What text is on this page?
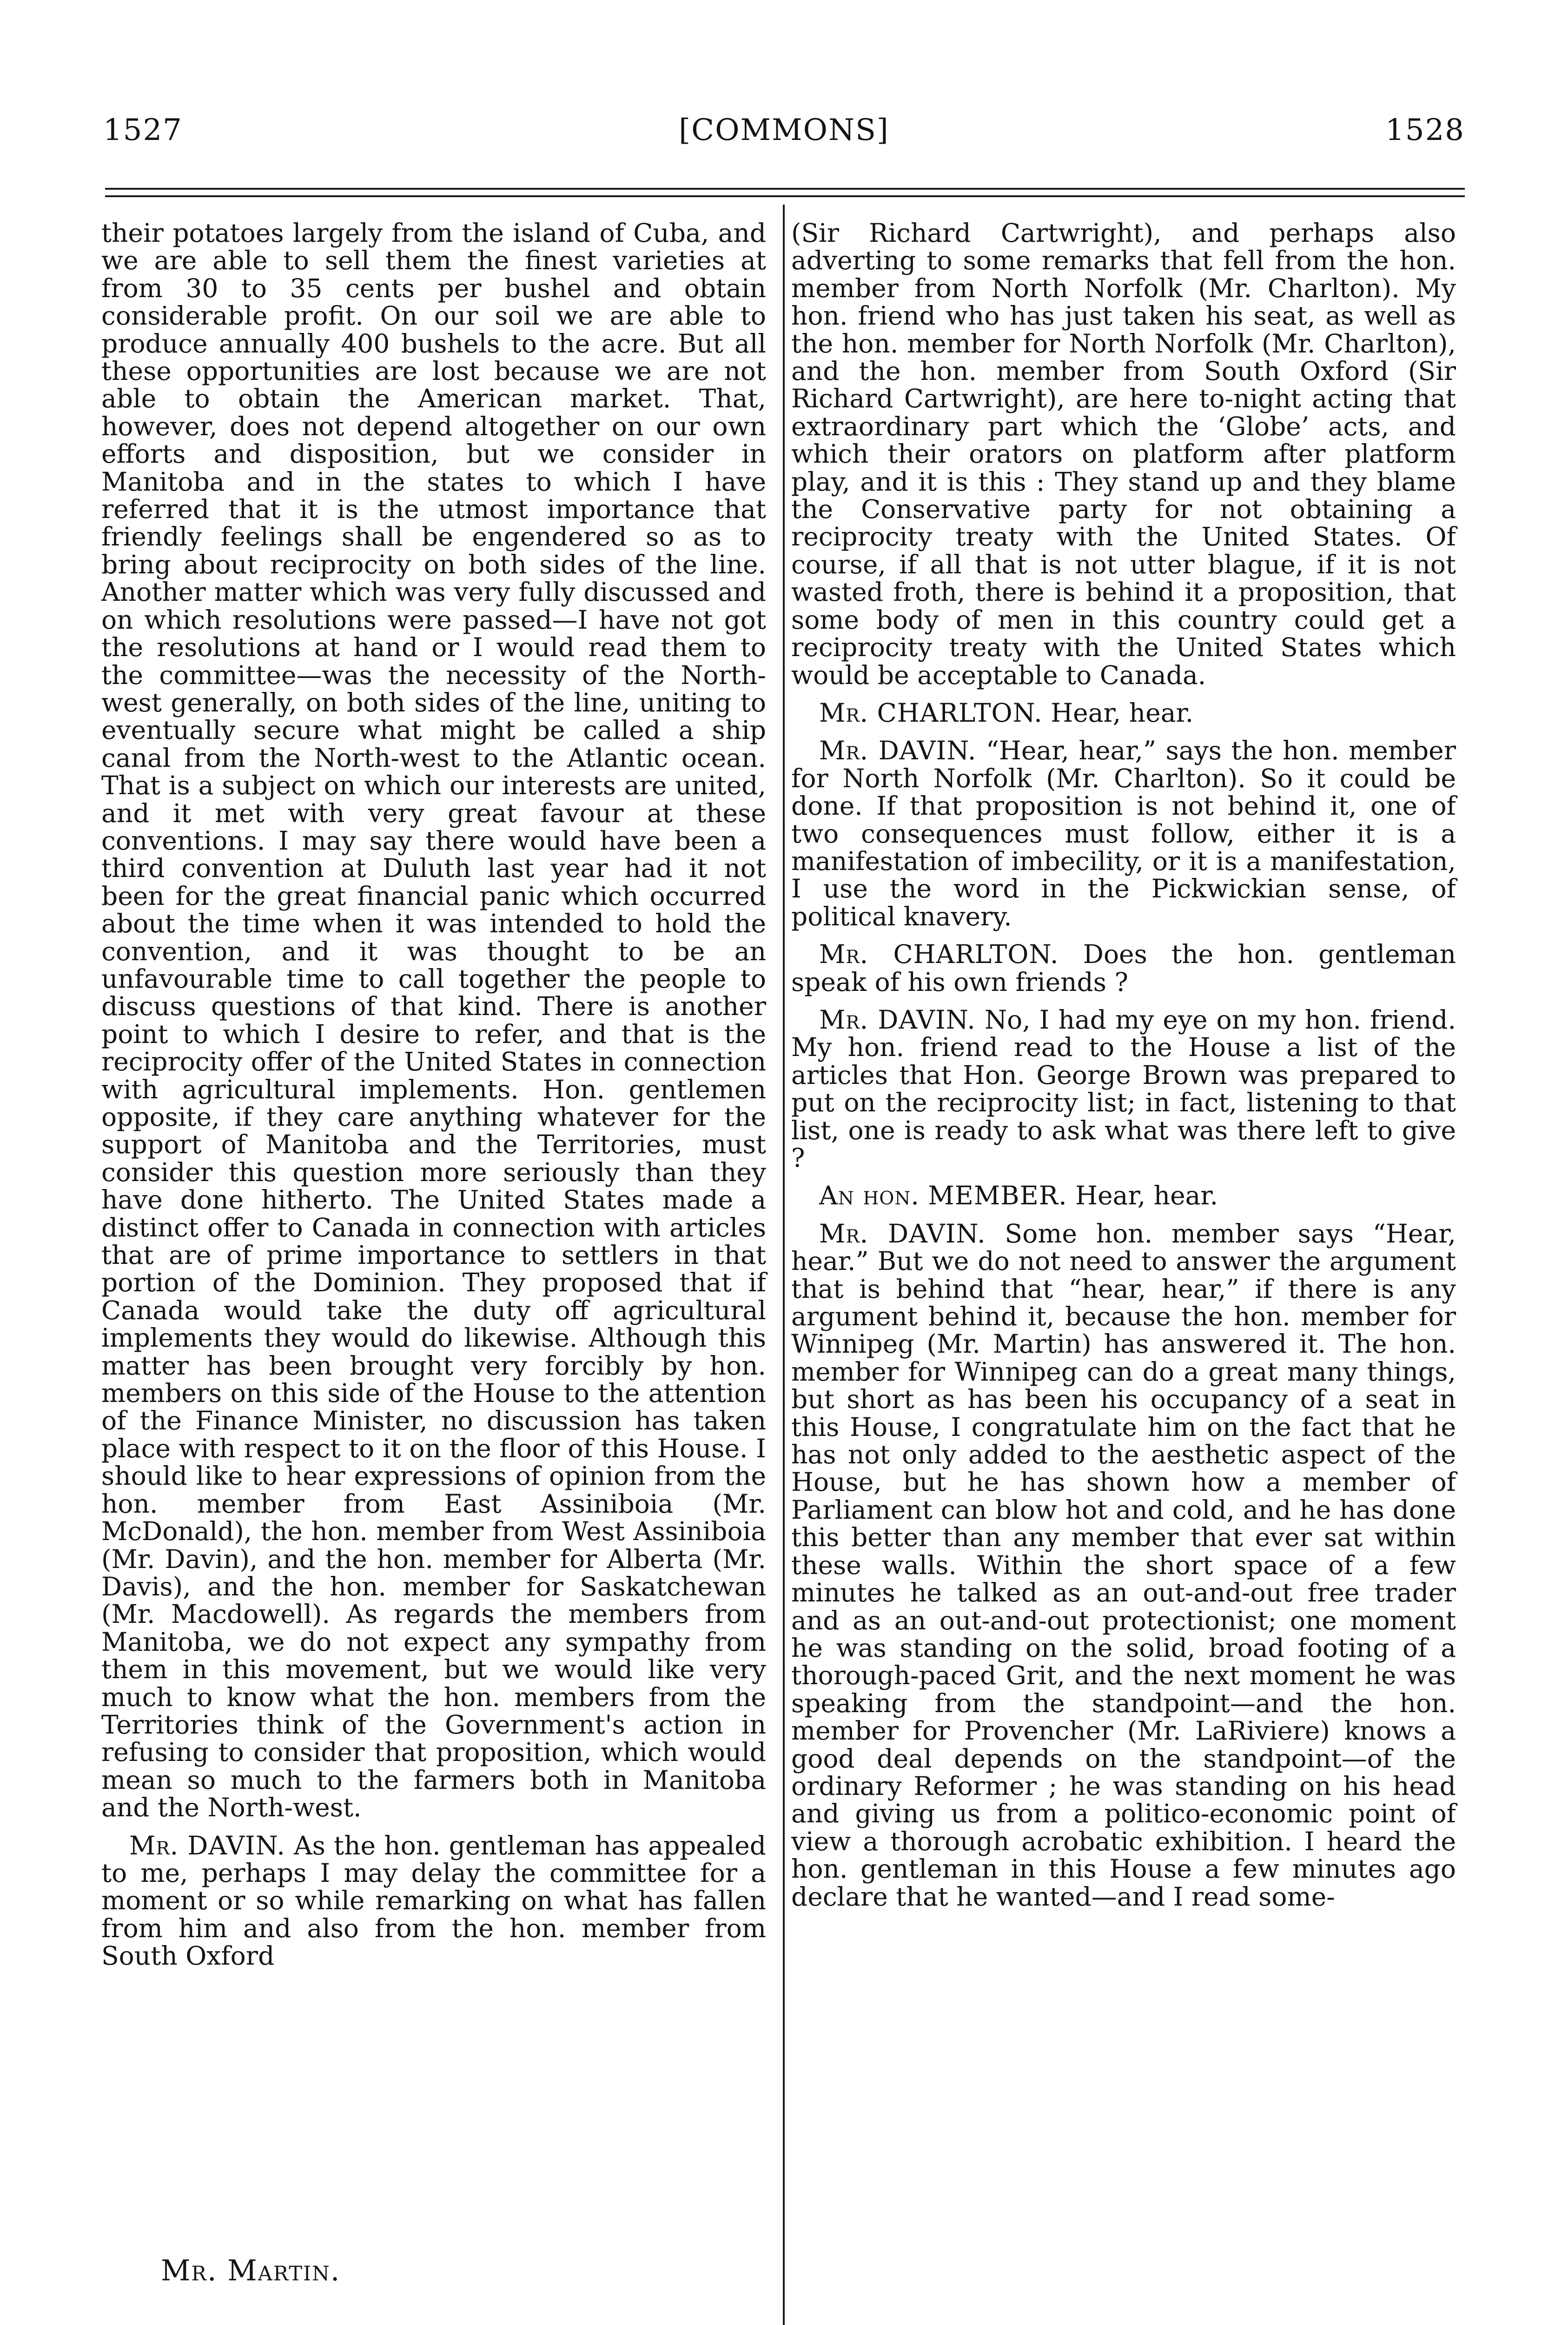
1527	[COMMONS]	1528

their potatoes largely from the island of Cuba, and we are able to sell them the finest varieties at from 30 to 35 cents per bushel and obtain considerable profit. On our soil we are able to produce annually 400 bushels to the acre. But all these opportunities are lost because we are not able to obtain the American market. That, however, does not depend altogether on our own efforts and disposition, but we consider in Manitoba and in the states to which I have referred that it is the utmost importance that friendly feelings shall be engendered so as to bring about reciprocity on both sides of the line. Another matter which was very fully discussed and on which resolutions were passed—I have not got the resolutions at hand or I would read them to the committee—was the necessity of the North-west generally, on both sides of the line, uniting to eventually secure what might be called a ship canal from the North-west to the Atlantic ocean. That is a subject on which our interests are united, and it met with very great favour at these conventions. I may say there would have been a third convention at Duluth last year had it not been for the great financial panic which occurred about the time when it was intended to hold the convention, and it was thought to be an unfavourable time to call together the people to discuss questions of that kind. There is another point to which I desire to refer, and that is the reciprocity offer of the United States in connection with agricultural implements. Hon. gentlemen opposite, if they care anything whatever for the support of Manitoba and the Territories, must consider this question more seriously than they have done hitherto. The United States made a distinct offer to Canada in connection with articles that are of prime importance to settlers in that portion of the Dominion. They proposed that if Canada would take the duty off agricultural implements they would do likewise. Although this matter has been brought very forcibly by hon. members on this side of the House to the attention of the Finance Minister, no discussion has taken place with respect to it on the floor of this House. I should like to hear expressions of opinion from the hon. member from East Assiniboia (Mr. McDonald), the hon. member from West Assiniboia (Mr. Davin), and the hon. member for Alberta (Mr. Davis), and the hon. member for Saskatchewan (Mr. Macdowell). As regards the members from Manitoba, we do not expect any sympathy from them in this movement, but we would like very much to know what the hon. members from the Territories think of the Government's action in refusing to consider that proposition, which would mean so much to the farmers both in Manitoba and the North-west.

Mr. DAVIN. As the hon. gentleman has appealed to me, perhaps I may delay the committee for a moment or so while remarking on what has fallen from him and also from the hon. member from South Oxford

(Sir Richard Cartwright), and perhaps also adverting to some remarks that fell from the hon. member from North Norfolk (Mr. Charlton). My hon. friend who has just taken his seat, as well as the hon. member for North Norfolk (Mr. Charlton), and the hon. member from South Oxford (Sir Richard Cartwright), are here to-night acting that extraordinary part which the ‘Globe’ acts, and which their orators on platform after platform play, and it is this : They stand up and they blame the Conservative party for not obtaining a reciprocity treaty with the United States. Of course, if all that is not utter blague, if it is not wasted froth, there is behind it a proposition, that some body of men in this country could get a reciprocity treaty with the United States which would be acceptable to Canada.

Mr. CHARLTON. Hear, hear.

Mr. DAVIN. “Hear, hear,” says the hon. member for North Norfolk (Mr. Charlton). So it could be done. If that proposition is not behind it, one of two consequences must follow, either it is a manifestation of imbecility, or it is a manifestation, I use the word in the Pickwickian sense, of political knavery.

Mr. CHARLTON. Does the hon. gentleman speak of his own friends ?

Mr. DAVIN. No, I had my eye on my hon. friend. My hon. friend read to the House a list of the articles that Hon. George Brown was prepared to put on the reciprocity list; in fact, listening to that list, one is ready to ask what was there left to give ?

An hon. MEMBER. Hear, hear.

Mr. DAVIN. Some hon. member says “Hear, hear.” But we do not need to answer the argument that is behind that “hear, hear,” if there is any argument behind it, because the hon. member for Winnipeg (Mr. Martin) has answered it. The hon. member for Winnipeg can do a great many things, but short as has been his occupancy of a seat in this House, I congratulate him on the fact that he has not only added to the aesthetic aspect of the House, but he has shown how a member of Parliament can blow hot and cold, and he has done this better than any member that ever sat within these walls. Within the short space of a few minutes he talked as an out-and-out free trader and as an out-and-out protectionist; one moment he was standing on the solid, broad footing of a thorough-paced Grit, and the next moment he was speaking from the standpoint—and the hon. member for Provencher (Mr. LaRiviere) knows a good deal depends on the standpoint—of the ordinary Reformer ; he was standing on his head and giving us from a politico-economic point of view a thorough acrobatic exhibition. I heard the hon. gentleman in this House a few minutes ago declare that he wanted—and I read some-

Mr. Martin.
